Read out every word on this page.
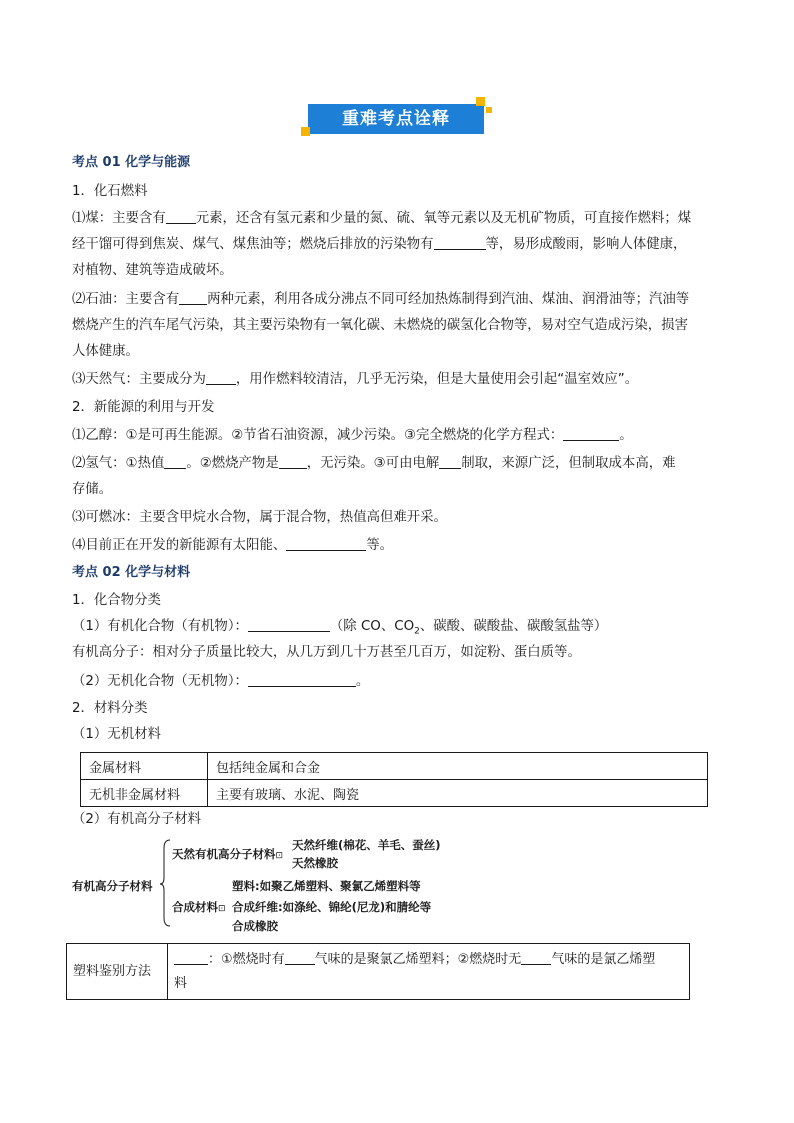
重难考点诠释
考点 01 化学与能源
1．化石燃料
⑴煤：主要含有 元素，还含有氢元素和少量的氮、硫、氧等元素以及无机矿物质，可直接作燃料；煤
经干馏可得到焦炭、煤气、煤焦油等；燃烧后排放的污染物有	等，易形成酸雨，影响人体健康，
对植物、建筑等造成破坏。
⑵石油：主要含有 两种元素，利用各成分沸点不同可经加热炼制得到汽油、煤油、润滑油等；汽油等
燃烧产生的汽车尾气污染，其主要污染物有一氧化碳、未燃烧的碳氢化合物等，易对空气造成污染，损害
人体健康。
⑶天然气：主要成分为 ，用作燃料较清洁，几乎无污染，但是大量使用会引起“温室效应”。
2．新能源的利用与开发
⑴乙醇：①是可再生能源。②节省石油资源，减少污染。③完全燃烧的化学方程式：	。
⑵氢气：①热值 。②燃烧产物是 ，无污染。③可由电解 制取，来源广泛，但制取成本高，难
存储。
⑶可燃冰：主要含甲烷水合物，属于混合物，热值高但难开采。
⑷目前正在开发的新能源有太阳能、	等。
考点 02 化学与材料
1．化合物分类
（1）有机化合物（有机物）：	（除 CO、$CO_2$、碳酸、碳酸盐、碳酸氢盐等）
有机高分子：相对分子质量比较大，从几万到几十万甚至几百万，如淀粉、蛋白质等。
（2）无机化合物（无机物）：	。
2．材料分类
（1）无机材料
金属材料	包括纯金属和合金
无机非金属材料	主要有玻璃、水泥、陶瓷
（2）有机高分子材料
有机高分子材料
天然有机高分子材料⊡
天然纤维(棉花、羊毛、蚕丝)
天然橡胶
塑料:如聚乙烯塑料、聚氯乙烯塑料等
合成材料⊡ 合成纤维:如涤纶、锦纶(尼龙)和腈纶等
合成橡胶
塑料鉴别方法	：①燃烧时有 气味的是聚氯乙烯塑料；②燃烧时无 气味的是氯乙烯塑
料
